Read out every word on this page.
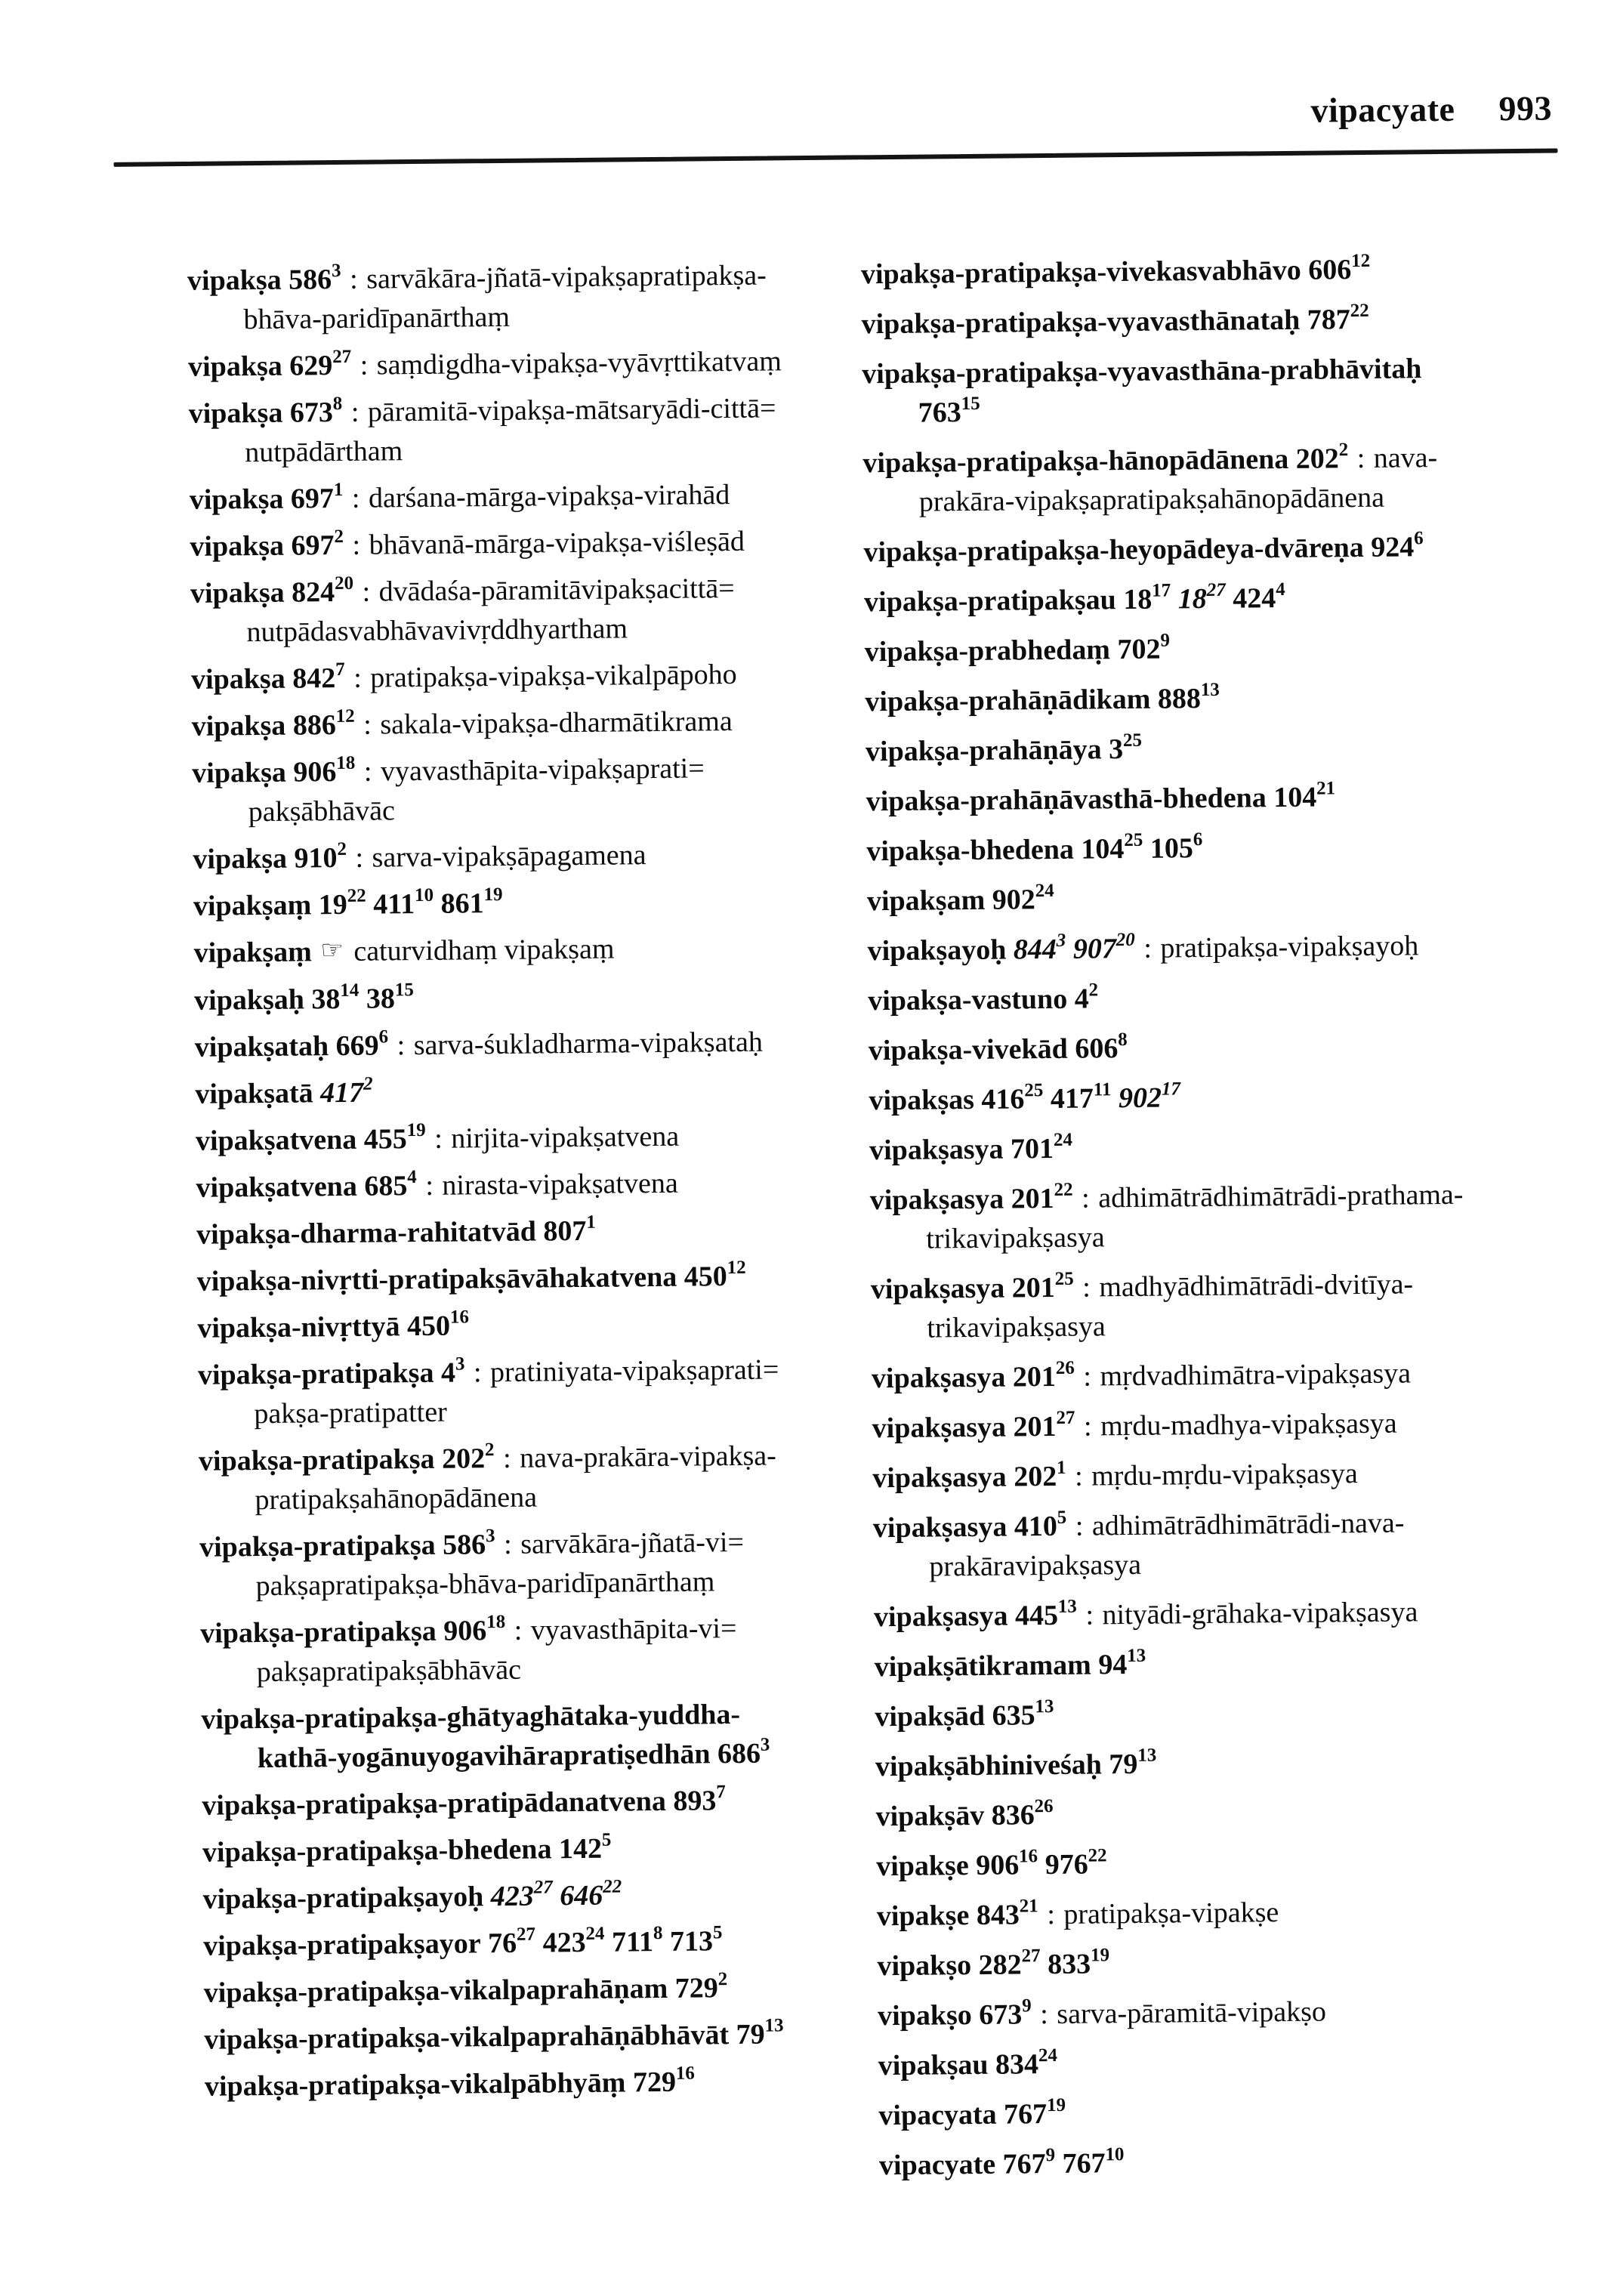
vipacyate 993
vipakṣa $586^3$ : sarvākāra-jñatā-vipakṣapratipakṣa-
bhāva-paridīpanārthaṃ
vipakṣa $629^{27}$ : saṃdigdha-vipakṣa-vyāvṛttikatvaṃ
vipakṣa $673^8$ : pāramitā-vipakṣa-mātsaryādi-cittā=
nutpādārtham
vipakṣa $697^1$ : darśana-mārga-vipakṣa-virahād
vipakṣa $697^2$ : bhāvanā-mārga-vipakṣa-viśleṣād
vipakṣa $824^{20}$ : dvādaśa-pāramitāvipakṣacittā=
nutpādasvabhāvavivṛddhyartham
vipakṣa $842^7$ : pratipakṣa-vipakṣa-vikalpāpoho
vipakṣa $886^{12}$ : sakala-vipakṣa-dharmātikrama
vipakṣa $906^{18}$ : vyavasthāpita-vipakṣaprati=
pakṣābhāvāc
vipakṣa $910^2$ : sarva-vipakṣāpagamena
vipakṣaṃ $19^{22}$ $411^{10}$ $861^{19}$
vipakṣaṃ ☞ caturvidhaṃ vipakṣaṃ
vipakṣaḥ $38^{14}$ $38^{15}$
vipakṣataḥ $669^6$ : sarva-śukladharma-vipakṣataḥ
vipakṣatā $417^2$
vipakṣatvena $455^{19}$ : nirjita-vipakṣatvena
vipakṣatvena $685^4$ : nirasta-vipakṣatvena
vipakṣa-dharma-rahitatvād $807^1$
vipakṣa-nivṛtti-pratipakṣāvāhakatvena $450^{12}$
vipakṣa-nivṛttyā $450^{16}$
vipakṣa-pratipakṣa $4^3$ : pratiniyata-vipakṣaprati=
pakṣa-pratipatter
vipakṣa-pratipakṣa $202^2$ : nava-prakāra-vipakṣa-
pratipakṣahānopādānena
vipakṣa-pratipakṣa $586^3$ : sarvākāra-jñatā-vi=
pakṣapratipakṣa-bhāva-paridīpanārthaṃ
vipakṣa-pratipakṣa $906^{18}$ : vyavasthāpita-vi=
pakṣapratipakṣābhāvāc
vipakṣa-pratipakṣa-ghātyaghātaka-yuddha-
kathā-yogānuyogavihārapratiṣedhān $686^3$
vipakṣa-pratipakṣa-pratipādanatvena $893^7$
vipakṣa-pratipakṣa-bhedena $142^5$
vipakṣa-pratipakṣayoḥ $423^{27}$ $646^{22}$
vipakṣa-pratipakṣayor $76^{27}$ $423^{24}$ $711^8$ $713^5$
vipakṣa-pratipakṣa-vikalpaprahāṇam $729^2$
vipakṣa-pratipakṣa-vikalpaprahāṇābhāvāt $79^{13}$
vipakṣa-pratipakṣa-vikalpābhyāṃ $729^{16}$
vipakṣa-pratipakṣa-vivekasvabhāvo $606^{12}$
vipakṣa-pratipakṣa-vyavasthānataḥ $787^{22}$
vipakṣa-pratipakṣa-vyavasthāna-prabhāvitaḥ
$763^{15}$
vipakṣa-pratipakṣa-hānopādānena $202^2$ : nava-
prakāra-vipakṣapratipakṣahānopādānena
vipakṣa-pratipakṣa-heyopādeya-dvāreṇa $924^6$
vipakṣa-pratipakṣau $18^{17}$ $18^{27}$ $424^4$
vipakṣa-prabhedaṃ $702^9$
vipakṣa-prahāṇādikam $888^{13}$
vipakṣa-prahāṇāya $3^{25}$
vipakṣa-prahāṇāvasthā-bhedena $104^{21}$
vipakṣa-bhedena $104^{25}$ $105^6$
vipakṣam $902^{24}$
vipakṣayoḥ $844^3$ $907^{20}$ : pratipakṣa-vipakṣayoḥ
vipakṣa-vastuno $4^2$
vipakṣa-vivekād $606^8$
vipakṣas $416^{25}$ $417^{11}$ $902^{17}$
vipakṣasya $701^{24}$
vipakṣasya $201^{22}$ : adhimātrādhimātrādi-prathama-
trikavipakṣasya
vipakṣasya $201^{25}$ : madhyādhimātrādi-dvitīya-
trikavipakṣasya
vipakṣasya $201^{26}$ : mṛdvadhimātra-vipakṣasya
vipakṣasya $201^{27}$ : mṛdu-madhya-vipakṣasya
vipakṣasya $202^1$ : mṛdu-mṛdu-vipakṣasya
vipakṣasya $410^5$ : adhimātrādhimātrādi-nava-
prakāravipakṣasya
vipakṣasya $445^{13}$ : nityādi-grāhaka-vipakṣasya
vipakṣātikramam $94^{13}$
vipakṣād $635^{13}$
vipakṣābhiniveśaḥ $79^{13}$
vipakṣāv $836^{26}$
vipakṣe $906^{16}$ $976^{22}$
vipakṣe $843^{21}$ : pratipakṣa-vipakṣe
vipakṣo $282^{27}$ $833^{19}$
vipakṣo $673^9$ : sarva-pāramitā-vipakṣo
vipakṣau $834^{24}$
vipacyata $767^{19}$
vipacyate $767^9$ $767^{10}$
